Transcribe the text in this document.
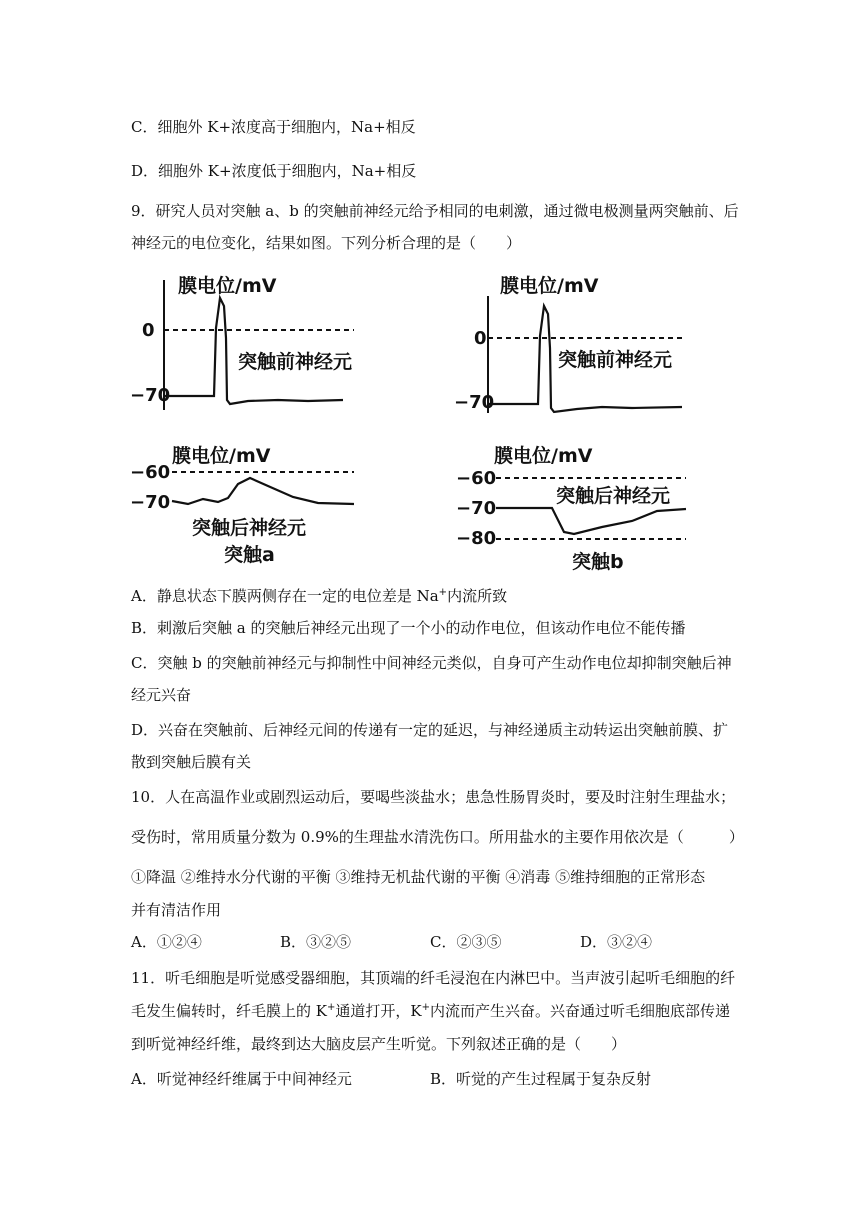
C．细胞外 K+浓度高于细胞内，Na+相反
D．细胞外 K+浓度低于细胞内，Na+相反
9．研究人员对突触 a、b 的突触前神经元给予相同的电刺激，通过微电极测量两突触前、后
神经元的电位变化，结果如图。下列分析合理的是（　　）
膜电位/mV
0
−70
突触前神经元
膜电位/mV
−60
−70
突触后神经元
突触a
膜电位/mV
0
−70
突触前神经元
膜电位/mV
−60
−70
−80
突触后神经元
突触b
A．静息状态下膜两侧存在一定的电位差是 Na+内流所致
B．刺激后突触 a 的突触后神经元出现了一个小的动作电位，但该动作电位不能传播
C．突触 b 的突触前神经元与抑制性中间神经元类似，自身可产生动作电位却抑制突触后神
经元兴奋
D．兴奋在突触前、后神经元间的传递有一定的延迟，与神经递质主动转运出突触前膜、扩
散到突触后膜有关
10．人在高温作业或剧烈运动后，要喝些淡盐水；患急性肠胃炎时，要及时注射生理盐水；
受伤时，常用质量分数为 0.9%的生理盐水清洗伤口。所用盐水的主要作用依次是（　　　）
①降温 ②维持水分代谢的平衡 ③维持无机盐代谢的平衡 ④消毒 ⑤维持细胞的正常形态
并有清洁作用
A．①②④	B．③②⑤	C．②③⑤	D．③②④
11．听毛细胞是听觉感受器细胞，其顶端的纤毛浸泡在内淋巴中。当声波引起听毛细胞的纤
毛发生偏转时，纤毛膜上的 K+通道打开，K+内流而产生兴奋。兴奋通过听毛细胞底部传递
到听觉神经纤维，最终到达大脑皮层产生听觉。下列叙述正确的是（　　）
A．听觉神经纤维属于中间神经元	B．听觉的产生过程属于复杂反射
